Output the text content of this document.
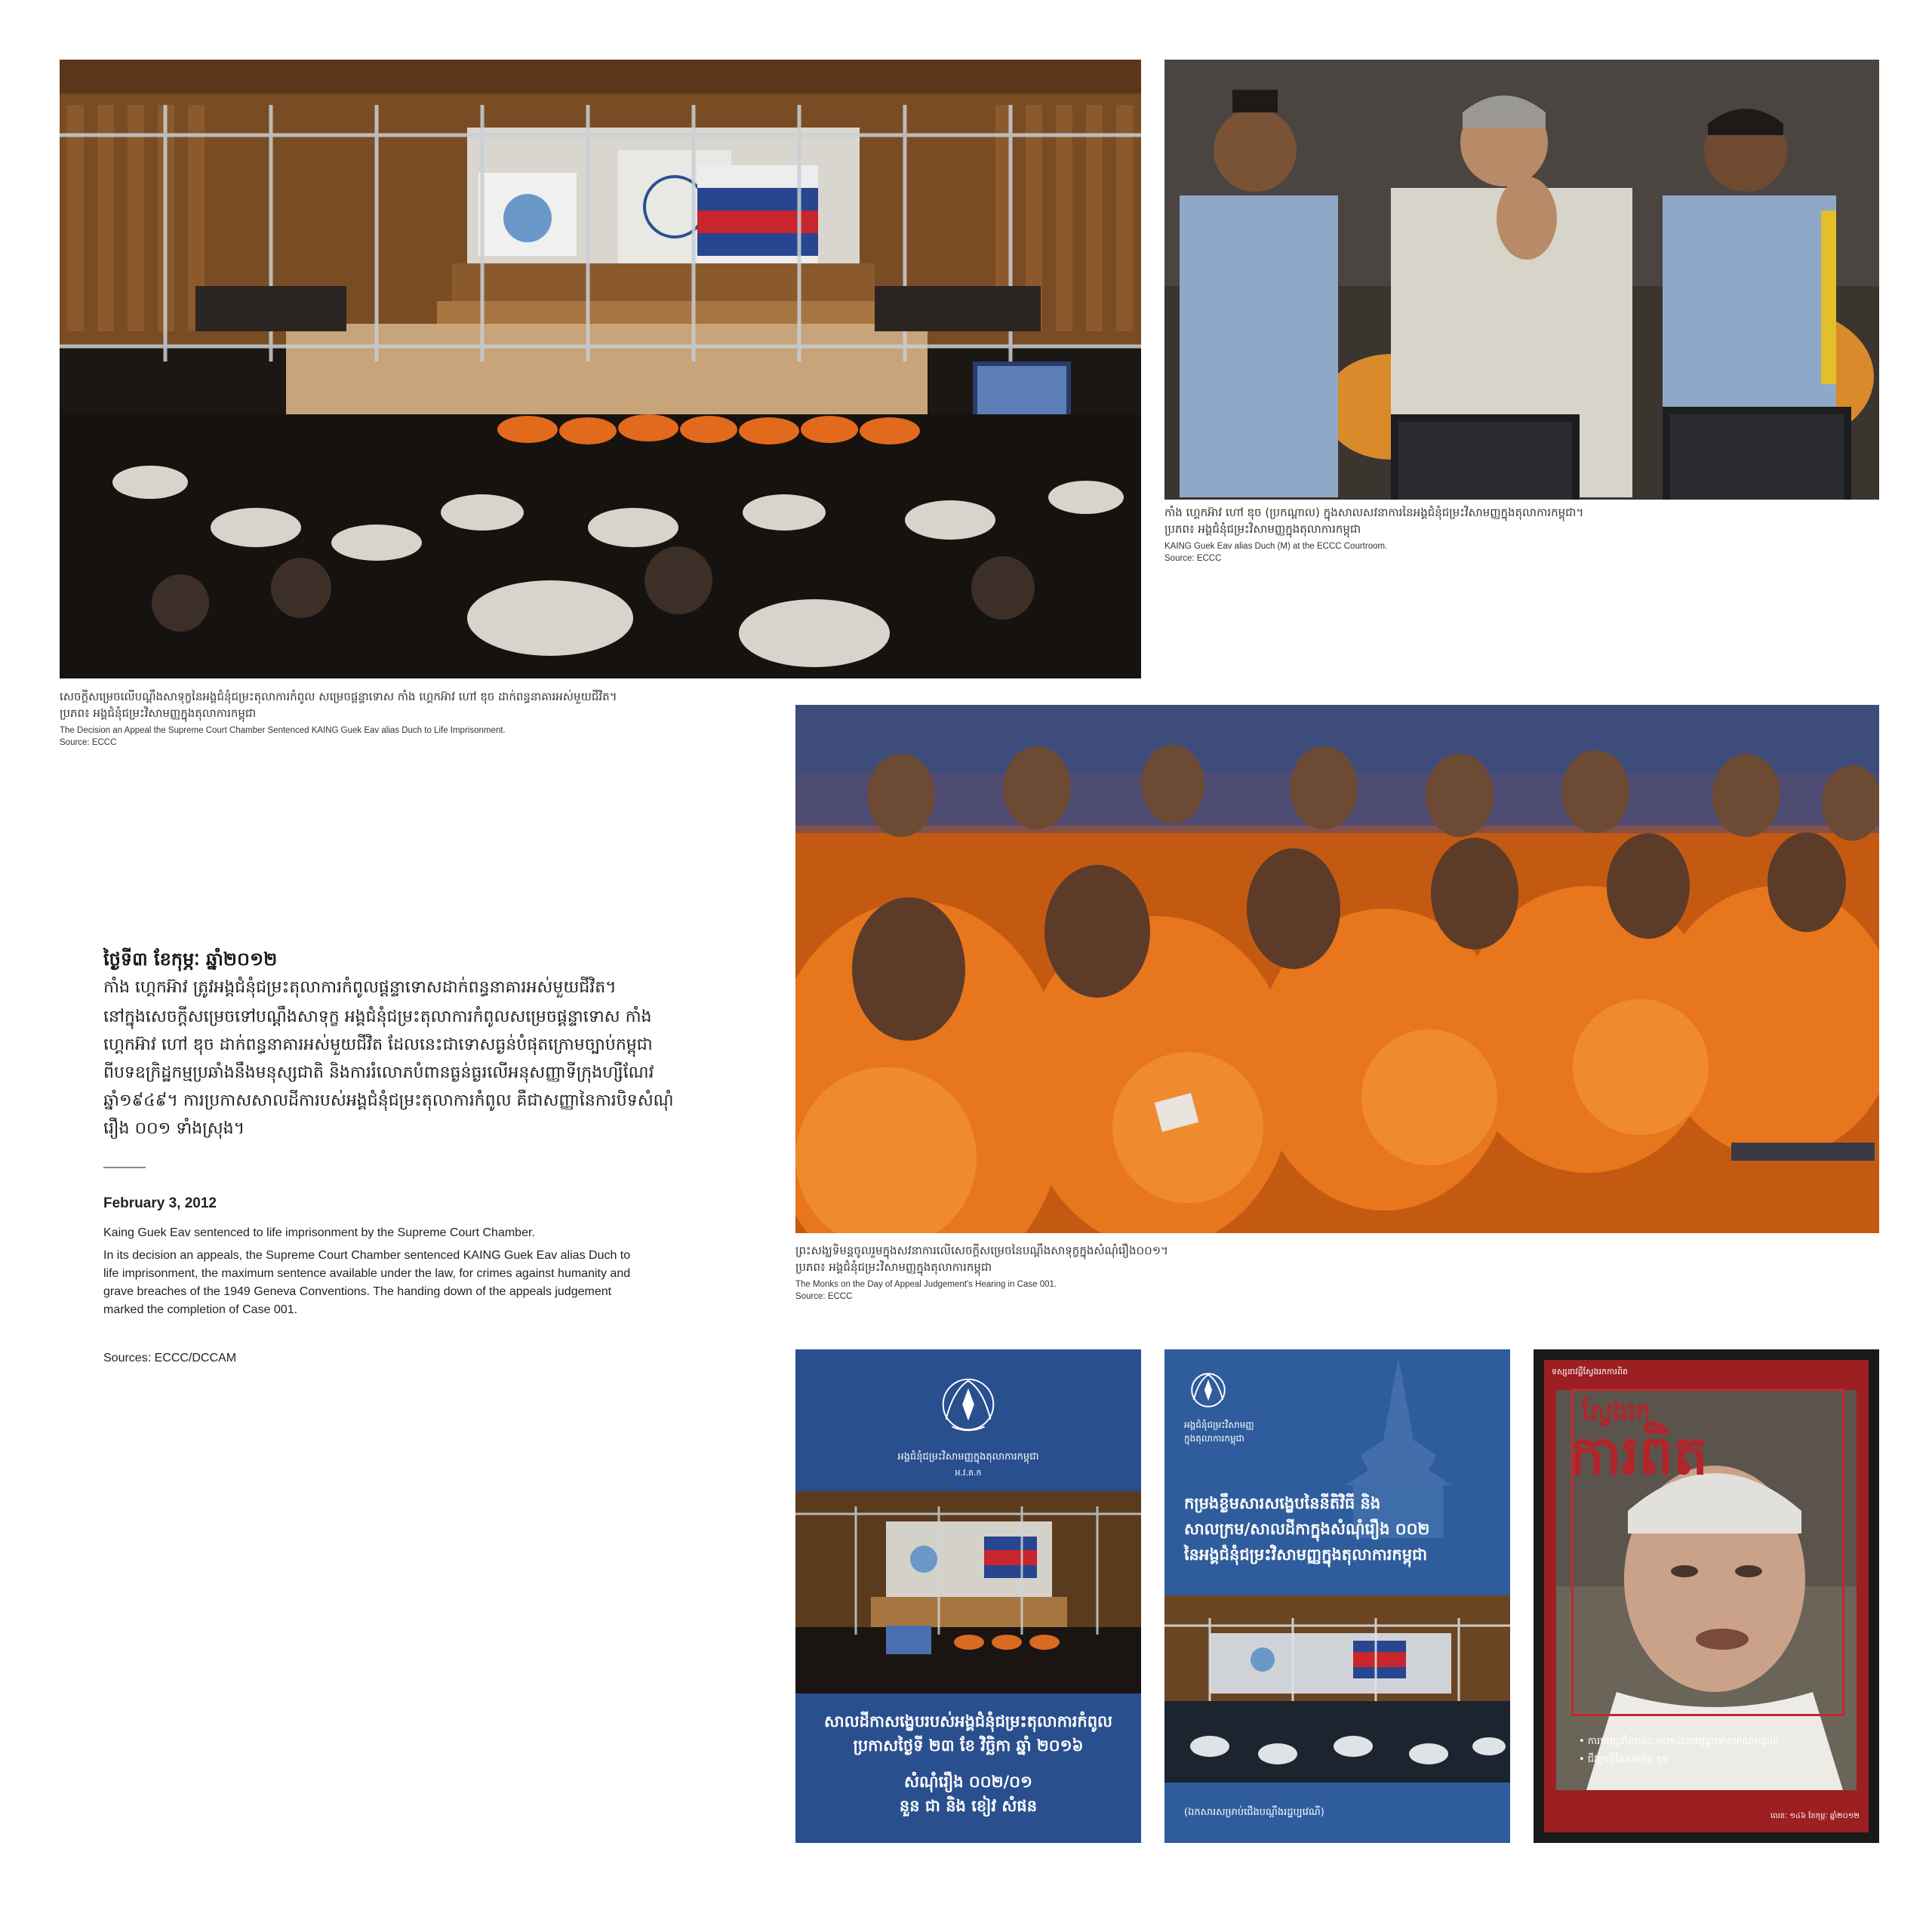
សេចក្ដីសម្រេចលើបណ្ដឹងសាទុក្ខនៃអង្គជំនុំជម្រះតុលាការកំពូល សម្រេចផ្ដន្ទាទោស កាំង ហ្គេកអ៊ាវ ហៅ ឌុច ដាក់ពន្ធនាគារអស់មួយជីវិត។
ប្រភព៖ អង្គជំនុំជម្រះវិសាមញ្ញក្នុងតុលាការកម្ពុជា
The Decision an Appeal the Supreme Court Chamber Sentenced KAING Guek Eav alias Duch to Life Imprisonment.
Source: ECCC
កាំង ហ្គេកអ៊ាវ ហៅ ឌុច (ប្រកណ្ដាល) ក្នុងសាលសវនាការនៃអង្គជំនុំជម្រះវិសាមញ្ញក្នុងតុលាការកម្ពុជា។
ប្រភព៖ អង្គជំនុំជម្រះវិសាមញ្ញក្នុងតុលាការកម្ពុជា
KAING Guek Eav alias Duch (M) at the ECCC Courtroom.
Source: ECCC
ថ្ងៃទី៣ ខែកុម្ភៈ ឆ្នាំ២០១២
កាំង ហ្គេកអ៊ាវ ត្រូវអង្គជំនុំជម្រះតុលាការកំពូលផ្ដន្ទាទោសដាក់ពន្ធនាគារអស់មួយជីវិត។
នៅក្នុងសេចក្ដីសម្រេចទៅបណ្ដឹងសាទុក្ខ អង្គជំនុំជម្រះតុលាការកំពូលសម្រេចផ្ដន្ទាទោស កាំង ហ្គេកអ៊ាវ ហៅ ឌុច ដាក់ពន្ធនាគារអស់មួយជីវិត ដែលនេះជាទោសធ្ងន់បំផុតក្រោមច្បាប់កម្ពុជា ពីបទឧក្រិដ្ឋកម្មប្រឆាំងនឹងមនុស្សជាតិ និងការរំលោភបំពានធ្ងន់ធ្ងរលើអនុសញ្ញាទីក្រុងហ្សឺណែវឆ្នាំ១៩៤៩។ ការប្រកាសសាលដីការបស់អង្គជំនុំជម្រះតុលាការកំពូល គឺជាសញ្ញានៃការបិទសំណុំរឿង ០០១ ទាំងស្រុង។
February 3, 2012
Kaing Guek Eav sentenced to life imprisonment by the Supreme Court Chamber.
In its decision an appeals, the Supreme Court Chamber sentenced KAING Guek Eav alias Duch to life imprisonment, the maximum sentence available under the law, for crimes against humanity and grave breaches of the 1949 Geneva Conventions. The handing down of the appeals judgement marked the completion of Case 001.
Sources: ECCC/DCCAM
ព្រះសង្ឃទិមន្តចូលរួមក្នុងសវនាការលើសេចក្ដីសម្រេចនៃបណ្ដឹងសាទុក្ខក្នុងសំណុំរឿង០០១។
ប្រភព៖ អង្គជំនុំជម្រះវិសាមញ្ញក្នុងតុលាការកម្ពុជា
The Monks on the Day of Appeal Judgement's Hearing in Case 001.
Source: ECCC
អង្គជំនុំជម្រះវិសាមញ្ញក្នុងតុលាការកម្ពុជា
អ.វ.ត.ក
សាលដីកាសង្ខេបរបស់អង្គជំនុំជម្រះតុលាការកំពូល
ប្រកាសថ្ងៃទី ២៣ ខែ វិច្ឆិកា ឆ្នាំ ២០១៦
សំណុំរឿង ០០២/០១
នួន ជា និង ខៀវ សំផន
អង្គជំនុំជម្រះវិសាមញ្ញ
ក្នុងតុលាការកម្ពុជា
កម្រងខ្លឹមសារសង្ខេបនៃនីតិវិធី និង
សាលក្រម/សាលដីកាក្នុងសំណុំរឿង ០០២
នៃអង្គជំនុំជម្រះវិសាមញ្ញក្នុងតុលាការកម្ពុជា
(ឯកសារសម្រាប់ជើងបណ្ដឹងរដ្ឋប្បវេណី)
ទស្សនាវដ្ដីស្វែងរកការពិត
ស្វែងរក
ការពិត
• ការចេញជាំនគណៈ០០១នៃការផ្ដន្ទាទោសកំណត់ផ្ទាល់
• ជីវប្រវត្តិនៃសមមិត្ត ឌុច
លេខៈ ១៤៦ ខែកុម្ភៈ ឆ្នាំ២០១២
